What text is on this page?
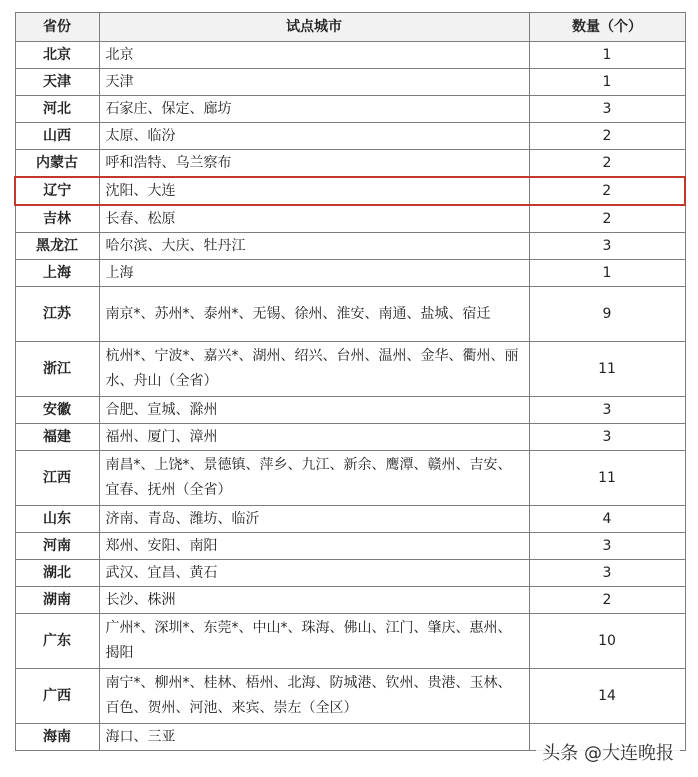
省份	试点城市	数量（个）
北京	北京	1
天津	天津	1
河北	石家庄、保定、廊坊	3
山西	太原、临汾	2
内蒙古	呼和浩特、乌兰察布	2
辽宁	沈阳、大连	2
吉林	长春、松原	2
黑龙江	哈尔滨、大庆、牡丹江	3
上海	上海	1
江苏	南京*、苏州*、泰州*、无锡、徐州、淮安、南通、盐城、宿迁	9
浙江	杭州*、宁波*、嘉兴*、湖州、绍兴、台州、温州、金华、衢州、丽水、舟山（全省）	11
安徽	合肥、宣城、滁州	3
福建	福州、厦门、漳州	3
江西	南昌*、上饶*、景德镇、萍乡、九江、新余、鹰潭、赣州、吉安、宜春、抚州（全省）	11
山东	济南、青岛、潍坊、临沂	4
河南	郑州、安阳、南阳	3
湖北	武汉、宜昌、黄石	3
湖南	长沙、株洲	2
广东	广州*、深圳*、东莞*、中山*、珠海、佛山、江门、肇庆、惠州、揭阳	10
广西	南宁*、柳州*、桂林、梧州、北海、防城港、钦州、贵港、玉林、百色、贺州、河池、来宾、崇左（全区）	14
海南	海口、三亚	
头条 @大连晚报
